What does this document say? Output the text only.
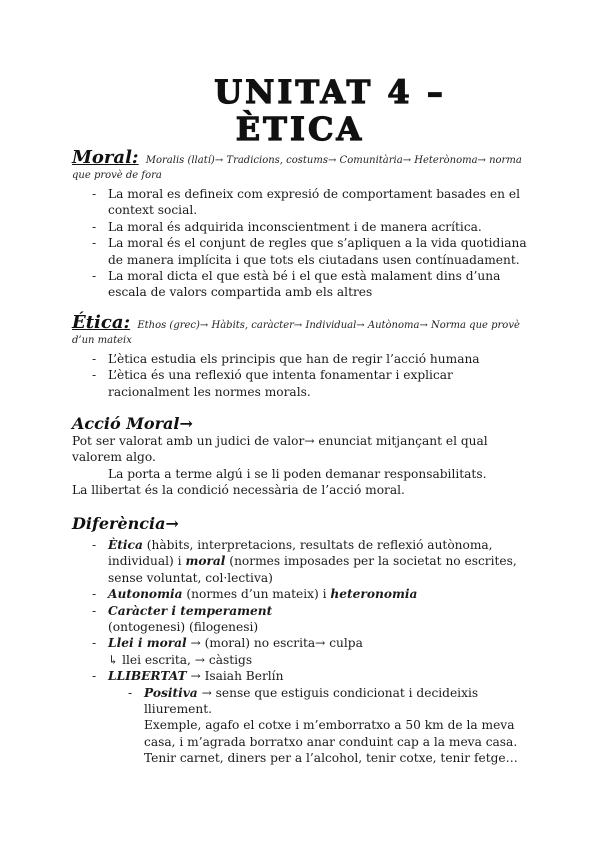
UNITAT 4 –
ÈTICA
Moral: Moralis (llatí)→ Tradicions, costums→ Comunitària→ Heterònoma→ norma que provè de fora
- La moral es defineix com expresió de comportament basades en el context social.
- La moral és adquirida inconscientment i de manera acrítica.
- La moral és el conjunt de regles que s’apliquen a la vida quotidiana de manera implícita i que tots els ciutadans usen contínuadament.
- La moral dicta el que està bé i el que està malament dins d’una escala de valors compartida amb els altres
Ética: Ethos (grec)→ Hàbits, caràcter→ Individual→ Autònoma→ Norma que provè d’un mateix
- L’ètica estudia els principis que han de regir l’acció humana
- L’ètica és una reflexió que intenta fonamentar i explicar racionalment les normes morals.
Acció Moral→
Pot ser valorat amb un judici de valor→ enunciat mitjançant el qual valorem algo.
La porta a terme algú i se li poden demanar responsabilitats.
La llibertat és la condició necessària de l’acció moral.
Diferència→
- Ètica (hàbits, interpretacions, resultats de reflexió autònoma, individual) i moral (normes imposades per la societat no escrites, sense voluntat, col·lectiva)
- Autonomia (normes d’un mateix) i heteronomia
- Caràcter i temperament
(ontogenesi) (filogenesi)
- Llei i moral → (moral) no escrita→ culpa
↳ llei escrita, → càstigs
- LLIBERTAT → Isaiah Berlín
- Positiva → sense que estiguis condicionat i decideixis lliurement.
Exemple, agafo el cotxe i m’emborratxo a 50 km de la meva casa, i m’agrada borratxo anar conduint cap a la meva casa.
Tenir carnet, diners per a l’alcohol, tenir cotxe, tenir fetge…
